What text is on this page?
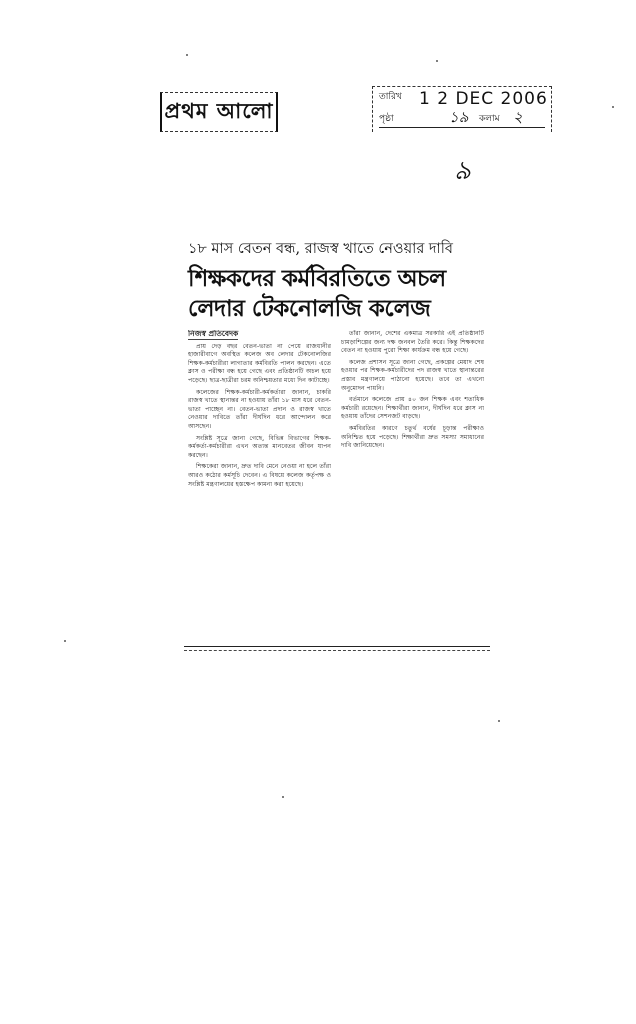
প্রথম আলো
তারিখ 1 2 DEC 2006
পৃষ্ঠা	১৯ কলাম ২
৯
১৮ মাস বেতন বন্ধ, রাজস্ব খাতে নেওয়ার দাবি
শিক্ষকদের কর্মবিরতিতে অচল
লেদার টেকনোলজি কলেজ
নিজস্ব প্রতিবেদক

প্রায় দেড় বছর বেতন-ভাতা না পেয়ে রাজধানীর হাজারীবাগে অবস্থিত কলেজ অব লেদার টেকনোলজির শিক্ষক-কর্মচারীরা লাগাতার কর্মবিরতি পালন করছেন। এতে ক্লাস ও পরীক্ষা বন্ধ হয়ে গেছে এবং প্রতিষ্ঠানটি অচল হয়ে পড়েছে। ছাত্র-ছাত্রীরা চরম অনিশ্চয়তার মধ্যে দিন কাটাচ্ছে।

কলেজের শিক্ষক-কর্মচারী-কর্মকর্তারা জানান, চাকরি রাজস্ব খাতে স্থানান্তর না হওয়ায় তাঁরা ১৮ মাস ধরে বেতন-ভাতা পাচ্ছেন না। বেতন-ভাতা প্রদান ও রাজস্ব খাতে নেওয়ার দাবিতে তাঁরা দীর্ঘদিন ধরে আন্দোলন করে আসছেন।

সংশ্লিষ্ট সূত্রে জানা গেছে, বিভিন্ন বিভাগের শিক্ষক-কর্মকর্তা-কর্মচারীরা এখন অত্যন্ত মানবেতর জীবন যাপন করছেন।

শিক্ষকেরা জানান, দ্রুত দাবি মেনে নেওয়া না হলে তাঁরা আরও কঠোর কর্মসূচি দেবেন। এ বিষয়ে কলেজ কর্তৃপক্ষ ও সংশ্লিষ্ট মন্ত্রণালয়ের হস্তক্ষেপ কামনা করা হয়েছে।

তাঁরা জানান, দেশের একমাত্র সরকারি এই প্রতিষ্ঠানটি চামড়াশিল্পের জন্য দক্ষ জনবল তৈরি করে। কিন্তু শিক্ষকদের বেতন না হওয়ায় পুরো শিক্ষা কার্যক্রম বন্ধ হয়ে গেছে।

কলেজ প্রশাসন সূত্রে জানা গেছে, প্রকল্পের মেয়াদ শেষ হওয়ার পর শিক্ষক-কর্মচারীদের পদ রাজস্ব খাতে স্থানান্তরের প্রস্তাব মন্ত্রণালয়ে পাঠানো হয়েছে। তবে তা এখনো অনুমোদন পায়নি।

বর্তমানে কলেজে প্রায় ৪০ জন শিক্ষক এবং শতাধিক কর্মচারী রয়েছেন। শিক্ষার্থীরা জানান, দীর্ঘদিন ধরে ক্লাস না হওয়ায় তাঁদের সেশনজট বাড়ছে।

কর্মবিরতির কারণে চতুর্থ বর্ষের চূড়ান্ত পরীক্ষাও অনিশ্চিত হয়ে পড়েছে। শিক্ষার্থীরা দ্রুত সমস্যা সমাধানের দাবি জানিয়েছেন।
